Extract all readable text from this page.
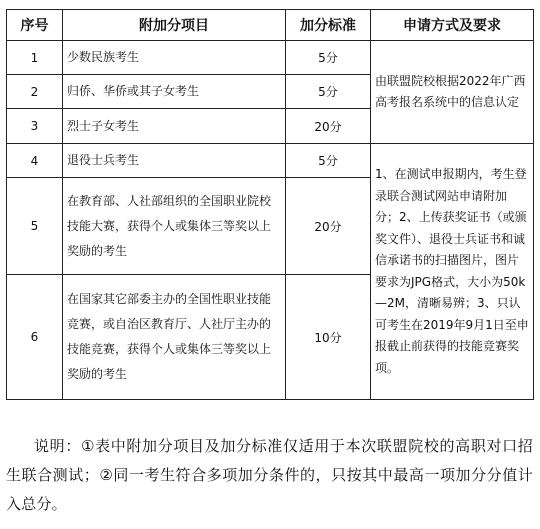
序号	附加分项目	加分标准	申请方式及要求
1	少数民族考生	5分	由联盟院校根据2022年广西高考报名系统中的信息认定
2	归侨、华侨或其子女考生	5分	
3	烈士子女考生	20分	
4	退役士兵考生	5分	1、在测试申报期内，考生登录联合测试网站申请附加分；2、上传获奖证书（或颁奖文件）、退役士兵证书和诚信承诺书的扫描图片，图片要求为JPG格式，大小为50k—2M，清晰易辨；3、只认可考生在2019年9月1日至申报截止前获得的技能竞赛奖项。
5	在教育部、人社部组织的全国职业院校技能大赛，获得个人或集体三等奖以上奖励的考生	20分	
6	在国家其它部委主办的全国性职业技能竞赛，或自治区教育厅、人社厅主办的技能竞赛，获得个人或集体三等奖以上奖励的考生	10分	

说明：①表中附加分项目及加分标准仅适用于本次联盟院校的高职对口招生联合测试；②同一考生符合多项加分条件的，只按其中最高一项加分分值计入总分。
